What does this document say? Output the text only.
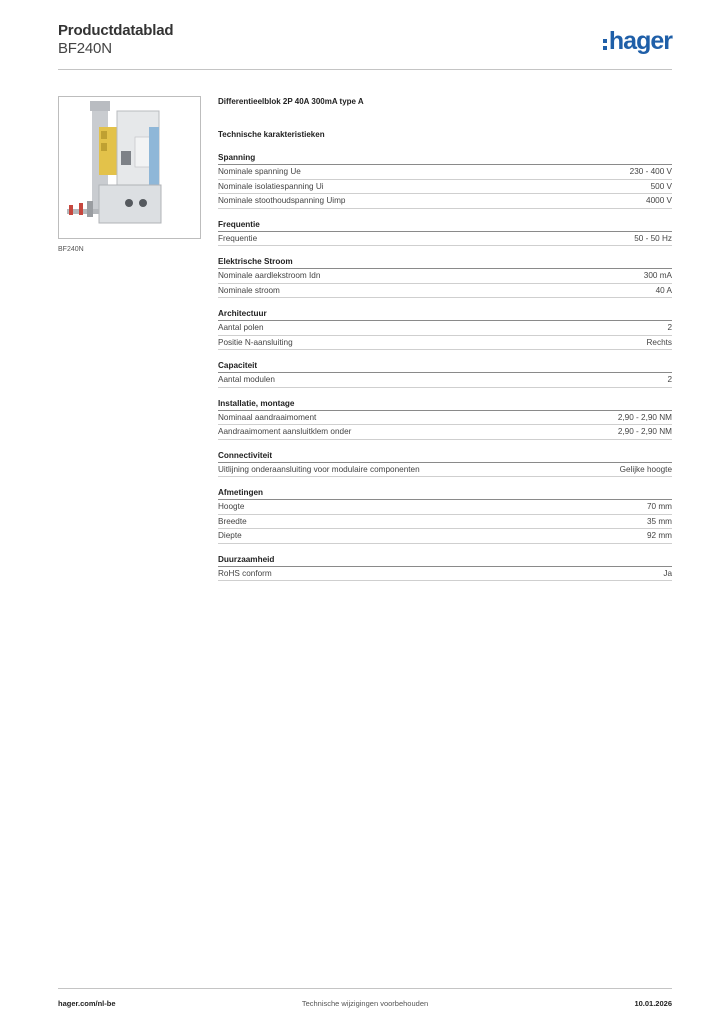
Productdatablad
BF240N	hager
BF240N
Differentieelblok 2P 40A 300mA type A
Technische karakteristieken
Spanning
Nominale spanning Ue	230 - 400 V
Nominale isolatiespanning Ui	500 V
Nominale stoothoudspanning Uimp	4000 V
Frequentie
Frequentie	50 - 50 Hz
Elektrische Stroom
Nominale aardlekstroom Idn	300 mA
Nominale stroom	40 A
Architectuur
Aantal polen	2
Positie N-aansluiting	Rechts
Capaciteit
Aantal modulen	2
Installatie, montage
Nominaal aandraaimoment	2,90 - 2,90 NM
Aandraaimoment aansluitklem onder	2,90 - 2,90 NM
Connectiviteit
Uitlijning onderaansluiting voor modulaire componenten	Gelijke hoogte
Afmetingen
Hoogte	70 mm
Breedte	35 mm
Diepte	92 mm
Duurzaamheid
RoHS conform	Ja
hager.com/nl-be	Technische wijzigingen voorbehouden	10.01.2026
